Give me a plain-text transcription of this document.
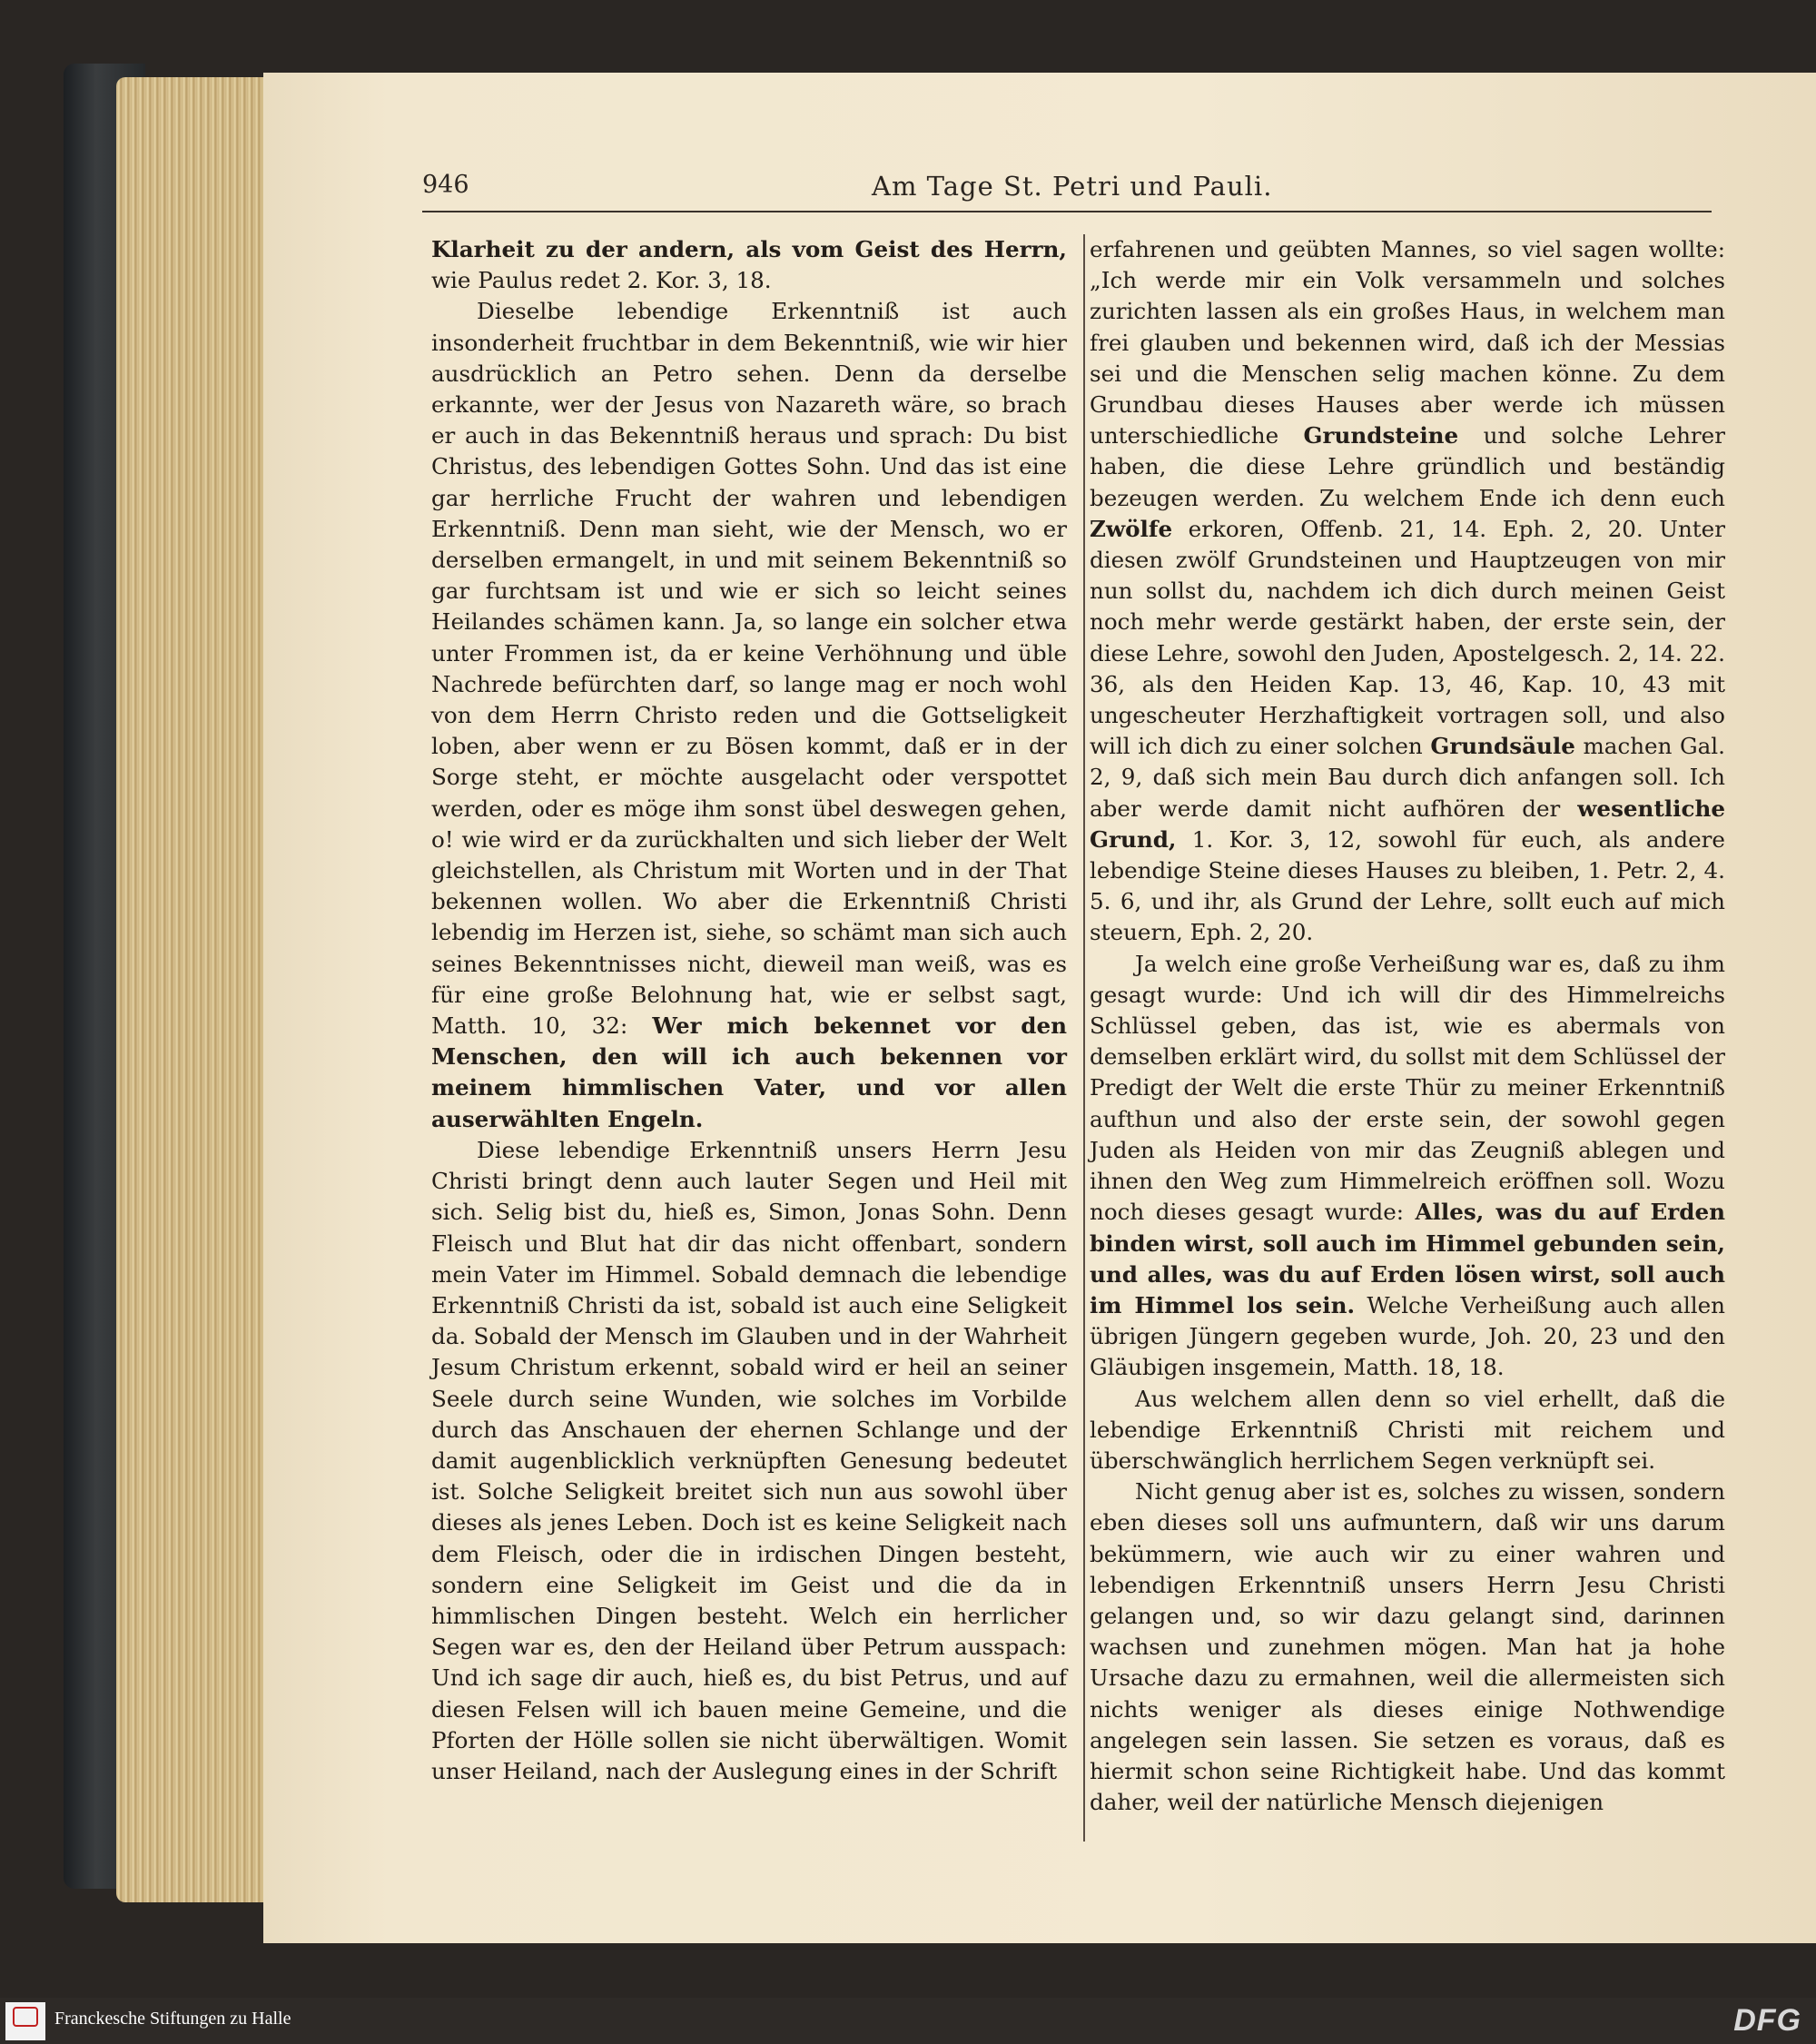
946	Am Tage St. Petri und Pauli.

Klarheit zu der andern, als vom Geist des Herrn, wie Paulus redet 2. Kor. 3, 18.

Dieselbe lebendige Erkenntniß ist auch insonderheit fruchtbar in dem Bekenntniß, wie wir hier ausdrücklich an Petro sehen. Denn da derselbe erkannte, wer der Jesus von Nazareth wäre, so brach er auch in das Bekenntniß heraus und sprach: Du bist Christus, des lebendigen Gottes Sohn. Und das ist eine gar herrliche Frucht der wahren und lebendigen Erkenntniß. Denn man sieht, wie der Mensch, wo er derselben ermangelt, in und mit seinem Bekenntniß so gar furchtsam ist und wie er sich so leicht seines Heilandes schämen kann. Ja, so lange ein solcher etwa unter Frommen ist, da er keine Verhöhnung und üble Nachrede befürchten darf, so lange mag er noch wohl von dem Herrn Christo reden und die Gottseligkeit loben, aber wenn er zu Bösen kommt, daß er in der Sorge steht, er möchte ausgelacht oder verspottet werden, oder es möge ihm sonst übel deswegen gehen, o! wie wird er da zurückhalten und sich lieber der Welt gleichstellen, als Christum mit Worten und in der That bekennen wollen. Wo aber die Erkenntniß Christi lebendig im Herzen ist, siehe, so schämt man sich auch seines Bekenntnisses nicht, dieweil man weiß, was es für eine große Belohnung hat, wie er selbst sagt, Matth. 10, 32: Wer mich bekennet vor den Menschen, den will ich auch bekennen vor meinem himmlischen Vater, und vor allen auserwählten Engeln.

Diese lebendige Erkenntniß unsers Herrn Jesu Christi bringt denn auch lauter Segen und Heil mit sich. Selig bist du, hieß es, Simon, Jonas Sohn. Denn Fleisch und Blut hat dir das nicht offenbart, sondern mein Vater im Himmel. Sobald demnach die lebendige Erkenntniß Christi da ist, sobald ist auch eine Seligkeit da. Sobald der Mensch im Glauben und in der Wahrheit Jesum Christum erkennt, sobald wird er heil an seiner Seele durch seine Wunden, wie solches im Vorbilde durch das Anschauen der ehernen Schlange und der damit augenblicklich verknüpften Genesung bedeutet ist. Solche Seligkeit breitet sich nun aus sowohl über dieses als jenes Leben. Doch ist es keine Seligkeit nach dem Fleisch, oder die in irdischen Dingen besteht, sondern eine Seligkeit im Geist und die da in himmlischen Dingen besteht. Welch ein herrlicher Segen war es, den der Heiland über Petrum ausspach: Und ich sage dir auch, hieß es, du bist Petrus, und auf diesen Felsen will ich bauen meine Gemeine, und die Pforten der Hölle sollen sie nicht überwältigen. Womit unser Heiland, nach der Auslegung eines in der Schrift

erfahrenen und geübten Mannes, so viel sagen wollte: „Ich werde mir ein Volk versammeln und solches zurichten lassen als ein großes Haus, in welchem man frei glauben und bekennen wird, daß ich der Messias sei und die Menschen selig machen könne. Zu dem Grundbau dieses Hauses aber werde ich müssen unterschiedliche Grundsteine und solche Lehrer haben, die diese Lehre gründlich und beständig bezeugen werden. Zu welchem Ende ich denn euch Zwölfe erkoren, Offenb. 21, 14. Eph. 2, 20. Unter diesen zwölf Grundsteinen und Hauptzeugen von mir nun sollst du, nachdem ich dich durch meinen Geist noch mehr werde gestärkt haben, der erste sein, der diese Lehre, sowohl den Juden, Apostelgesch. 2, 14. 22. 36, als den Heiden Kap. 13, 46, Kap. 10, 43 mit ungescheuter Herzhaftigkeit vortragen soll, und also will ich dich zu einer solchen Grundsäule machen Gal. 2, 9, daß sich mein Bau durch dich anfangen soll. Ich aber werde damit nicht aufhören der wesentliche Grund, 1. Kor. 3, 12, sowohl für euch, als andere lebendige Steine dieses Hauses zu bleiben, 1. Petr. 2, 4. 5. 6, und ihr, als Grund der Lehre, sollt euch auf mich steuern, Eph. 2, 20.

Ja welch eine große Verheißung war es, daß zu ihm gesagt wurde: Und ich will dir des Himmelreichs Schlüssel geben, das ist, wie es abermals von demselben erklärt wird, du sollst mit dem Schlüssel der Predigt der Welt die erste Thür zu meiner Erkenntniß aufthun und also der erste sein, der sowohl gegen Juden als Heiden von mir das Zeugniß ablegen und ihnen den Weg zum Himmelreich eröffnen soll. Wozu noch dieses gesagt wurde: Alles, was du auf Erden binden wirst, soll auch im Himmel gebunden sein, und alles, was du auf Erden lösen wirst, soll auch im Himmel los sein. Welche Verheißung auch allen übrigen Jüngern gegeben wurde, Joh. 20, 23 und den Gläubigen insgemein, Matth. 18, 18.

Aus welchem allen denn so viel erhellt, daß die lebendige Erkenntniß Christi mit reichem und überschwänglich herrlichem Segen verknüpft sei.

Nicht genug aber ist es, solches zu wissen, sondern eben dieses soll uns aufmuntern, daß wir uns darum bekümmern, wie auch wir zu einer wahren und lebendigen Erkenntniß unsers Herrn Jesu Christi gelangen und, so wir dazu gelangt sind, darinnen wachsen und zunehmen mögen. Man hat ja hohe Ursache dazu zu ermahnen, weil die allermeisten sich nichts weniger als dieses einige Nothwendige angelegen sein lassen. Sie setzen es voraus, daß es hiermit schon seine Richtigkeit habe. Und das kommt daher, weil der natürliche Mensch diejenigen

Franckesche Stiftungen zu Halle	DFG
